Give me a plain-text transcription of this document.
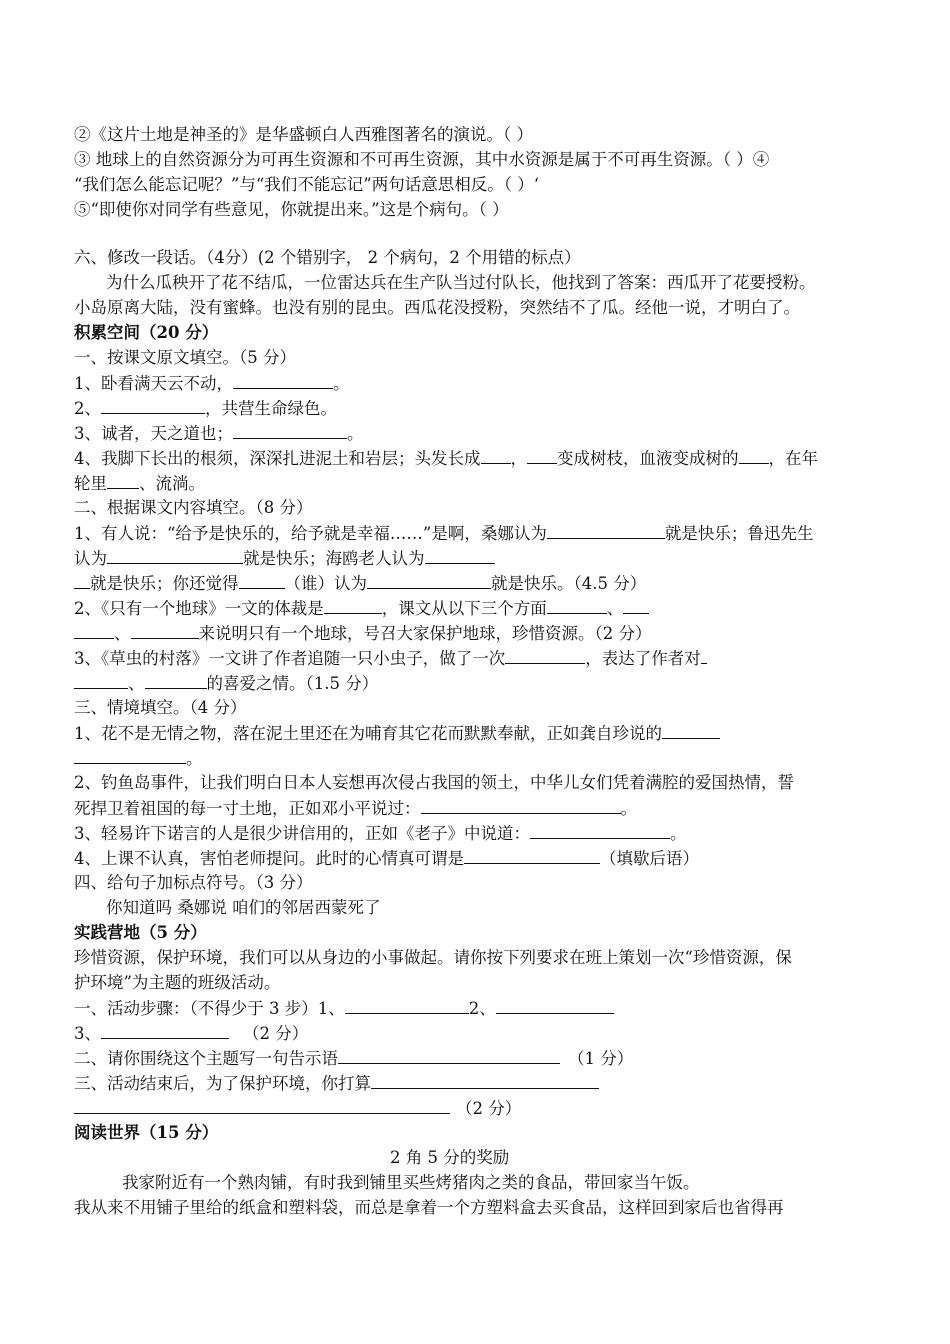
②《这片土地是神圣的》是华盛顿白人西雅图著名的演说。（ ）
③ 地球上的自然资源分为可再生资源和不可再生资源，其中水资源是属于不可再生资源。（ ）④
“我们怎么能忘记呢？”与“我们不能忘记”两句话意思相反。（ ）‘
⑤“即使你对同学有些意见，你就提出来。”这是个病句。（ ）
六、修改一段话。（4分）(2 个错别字， 2 个病句，2 个用错的标点）
为什么瓜秧开了花不结瓜，一位雷达兵在生产队当过付队长，他找到了答案：西瓜开了花要授粉。
小岛原离大陆，没有蜜蜂。也没有别的昆虫。西瓜花没授粉，突然结不了瓜。经他一说，才明白了。
积累空间（20 分）
一、按课文原文填空。（5 分）
1、卧看满天云不动，	。
2、	，共营生命绿色。
3、诚者，天之道也；	。
4、我脚下长出的根须，深深扎进泥土和岩层；头发长成 ， 变成树枝，血液变成树的 ，在年
轮里 、流淌。
二、根据课文内容填空。（8 分）
1、有人说：“给予是快乐的，给予就是幸福……”是啊，桑娜认为	就是快乐；鲁迅先生
认为	就是快乐；海鸥老人认为
就是快乐；你还觉得	（谁）认为	就是快乐。（4.5 分）
2、《只有一个地球》一文的体裁是	，课文从以下三个方面	、
、	来说明只有一个地球，号召大家保护地球，珍惜资源。（2 分）
3、《草虫的村落》一文讲了作者追随一只小虫子，做了一次	，表达了作者对
、	的喜爱之情。（1.5 分）
三、情境填空。（4 分）
1、花不是无情之物，落在泥土里还在为哺育其它花而默默奉献，正如龚自珍说的
。
2、钓鱼岛事件，让我们明白日本人妄想再次侵占我国的领土，中华儿女们凭着满腔的爱国热情，誓
死捍卫着祖国的每一寸土地，正如邓小平说过：	。
3、轻易许下诺言的人是很少讲信用的，正如《老子》中说道：	。
4、上课不认真，害怕老师提问。此时的心情真可谓是	（填歇后语）
四、给句子加标点符号。（3 分）
你知道吗 桑娜说 咱们的邻居西蒙死了
实践营地（5 分）
珍惜资源，保护环境，我们可以从身边的小事做起。请你按下列要求在班上策划一次“珍惜资源，保
护环境”为主题的班级活动。
一、活动步骤：（不得少于 3 步）1、	2、
3、	（2 分）
二、请你围绕这个主题写一句告示语	（1 分）
三、活动结束后，为了保护环境，你打算
（2 分）
阅读世界（15 分）
2 角 5 分的奖励
我家附近有一个熟肉铺，有时我到铺里买些烤猪肉之类的食品，带回家当午饭。
我从来不用铺子里给的纸盒和塑料袋，而总是拿着一个方塑料盒去买食品，这样回到家后也省得再
